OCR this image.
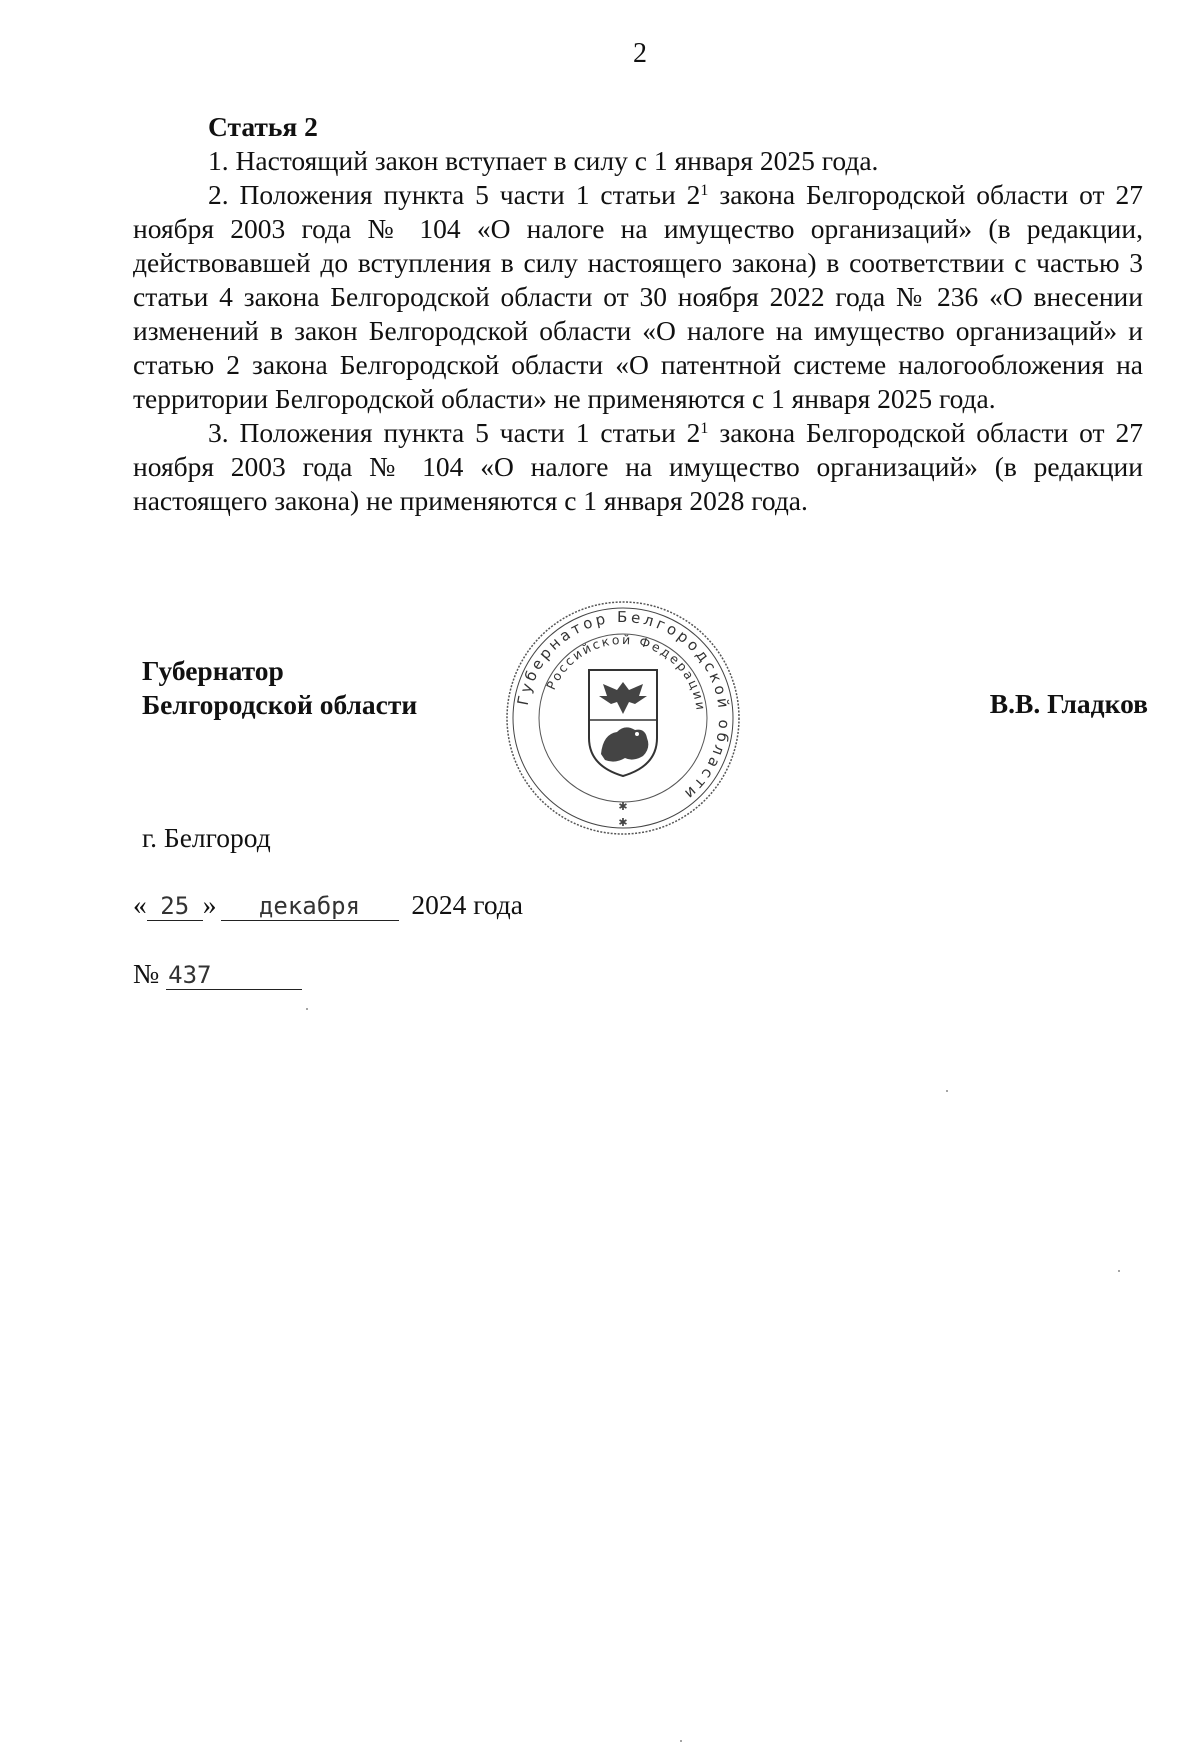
2
Статья 2

1. Настоящий закон вступает в силу с 1 января 2025 года.

2. Положения пункта 5 части 1 статьи $2^1$ закона Белгородской области от 27 ноября 2003 года № 104 «О налоге на имущество организаций» (в редакции, действовавшей до вступления в силу настоящего закона) в соответствии с частью 3 статьи 4 закона Белгородской области от 30 ноября 2022 года № 236 «О внесении изменений в закон Белгородской области «О налоге на имущество организаций» и статью 2 закона Белгородской области «О патентной системе налогообложения на территории Белгородской области» не применяются с 1 января 2025 года.

3. Положения пункта 5 части 1 статьи $2^1$ закона Белгородской области от 27 ноября 2003 года № 104 «О налоге на имущество организаций» (в редакции настоящего закона) не применяются с 1 января 2028 года.

Губернатор
Белгородской области	В.В. Гладков
Губернатор Белгородской области
Российской Федерации
✱
✱
г. Белгород
« 25 » декабря 2024 года
№ 437
